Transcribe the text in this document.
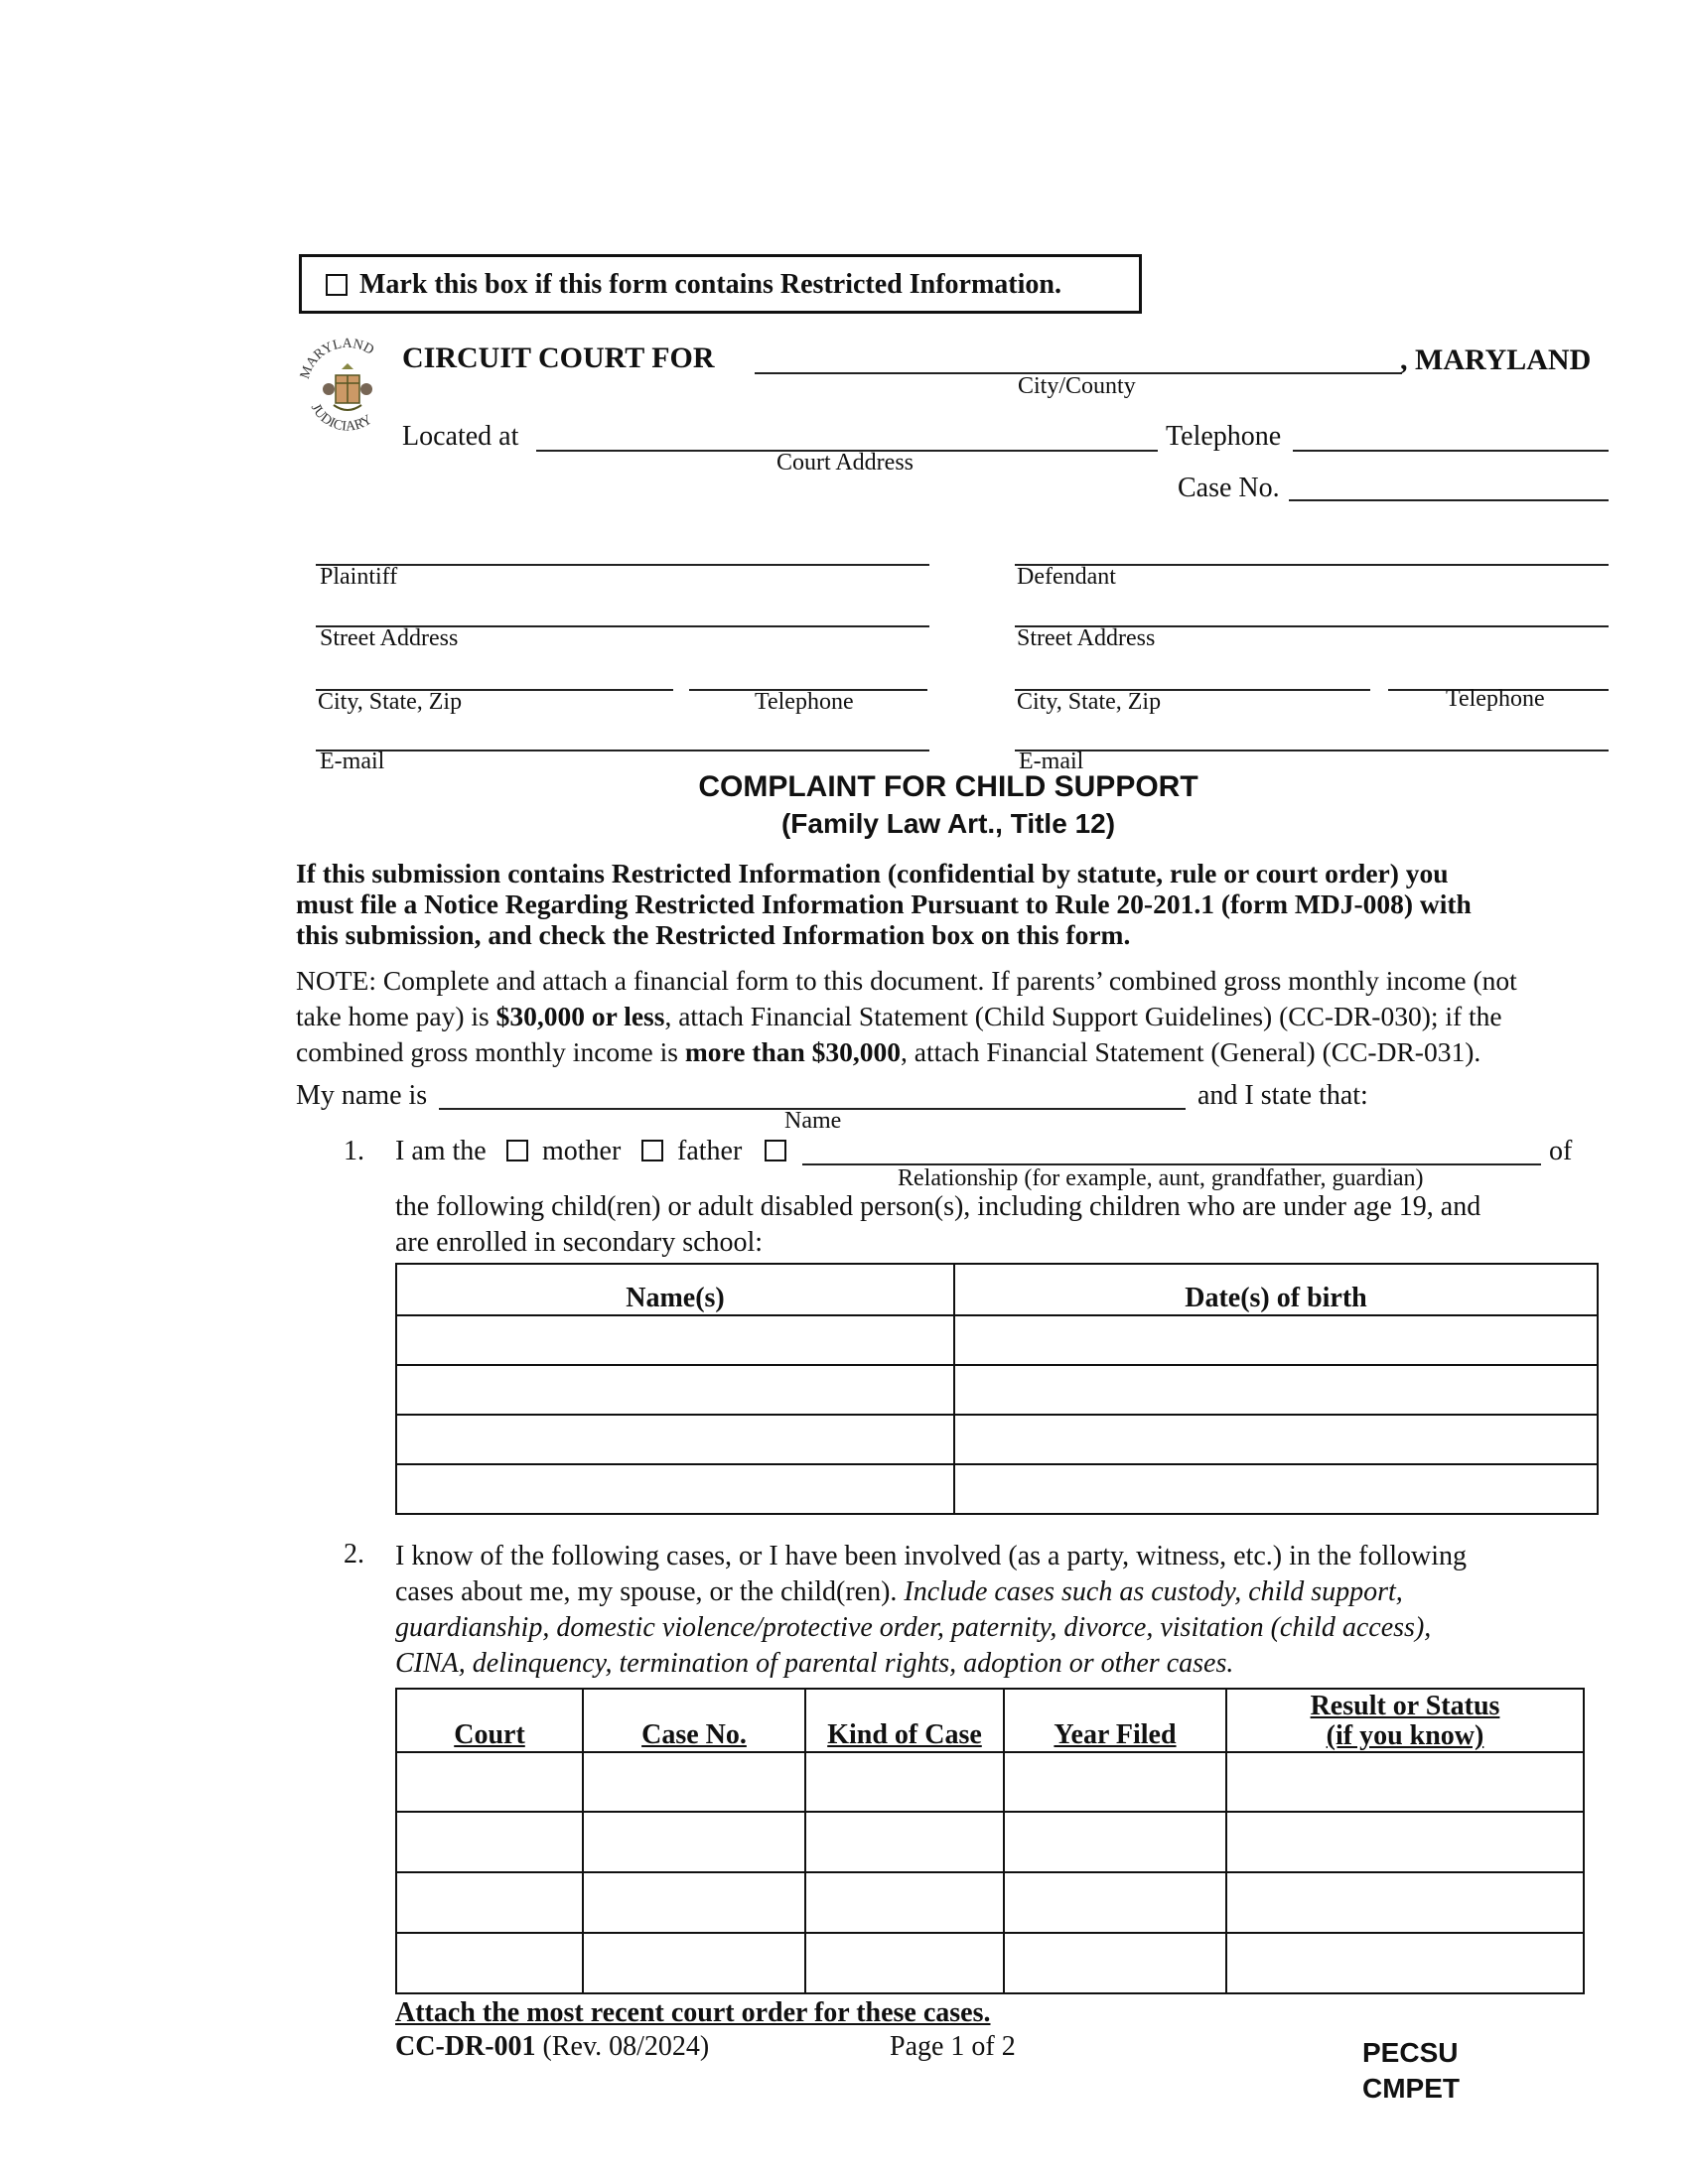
Mark this box if this form contains Restricted Information.
MARYLAND
JUDICIARY
CIRCUIT COURT FOR	, MARYLAND
City/County
Located at
Court Address
Telephone
Case No.
Plaintiff
Street Address
City, State, Zip	Telephone
E-mail
Defendant
Street Address
City, State, Zip	Telephone
E-mail
COMPLAINT FOR CHILD SUPPORT
(Family Law Art., Title 12)
If this submission contains Restricted Information (confidential by statute, rule or court order) you
must file a Notice Regarding Restricted Information Pursuant to Rule 20-201.1 (form MDJ-008) with
this submission, and check the Restricted Information box on this form.
NOTE: Complete and attach a financial form to this document. If parents’ combined gross monthly income (not
take home pay) is $30,000 or less, attach Financial Statement (Child Support Guidelines) (CC-DR-030); if the
combined gross monthly income is more than $30,000, attach Financial Statement (General) (CC-DR-031).
My name is	and I state that:
Name
1. I am the mother father	of
Relationship (for example, aunt, grandfather, guardian)
the following child(ren) or adult disabled person(s), including children who are under age 19, and
are enrolled in secondary school:
Name(s)	Date(s) of birth

2. I know of the following cases, or I have been involved (as a party, witness, etc.) in the following
cases about me, my spouse, or the child(ren). Include cases such as custody, child support,
guardianship, domestic violence/protective order, paternity, divorce, visitation (child access),
CINA, delinquency, termination of parental rights, adoption or other cases.
Court	Case No.	Kind of Case	Year Filed	Result or Status
(if you know)

Attach the most recent court order for these cases.
CC-DR-001 (Rev. 08/2024)	Page 1 of 2	PECSU
CMPET
